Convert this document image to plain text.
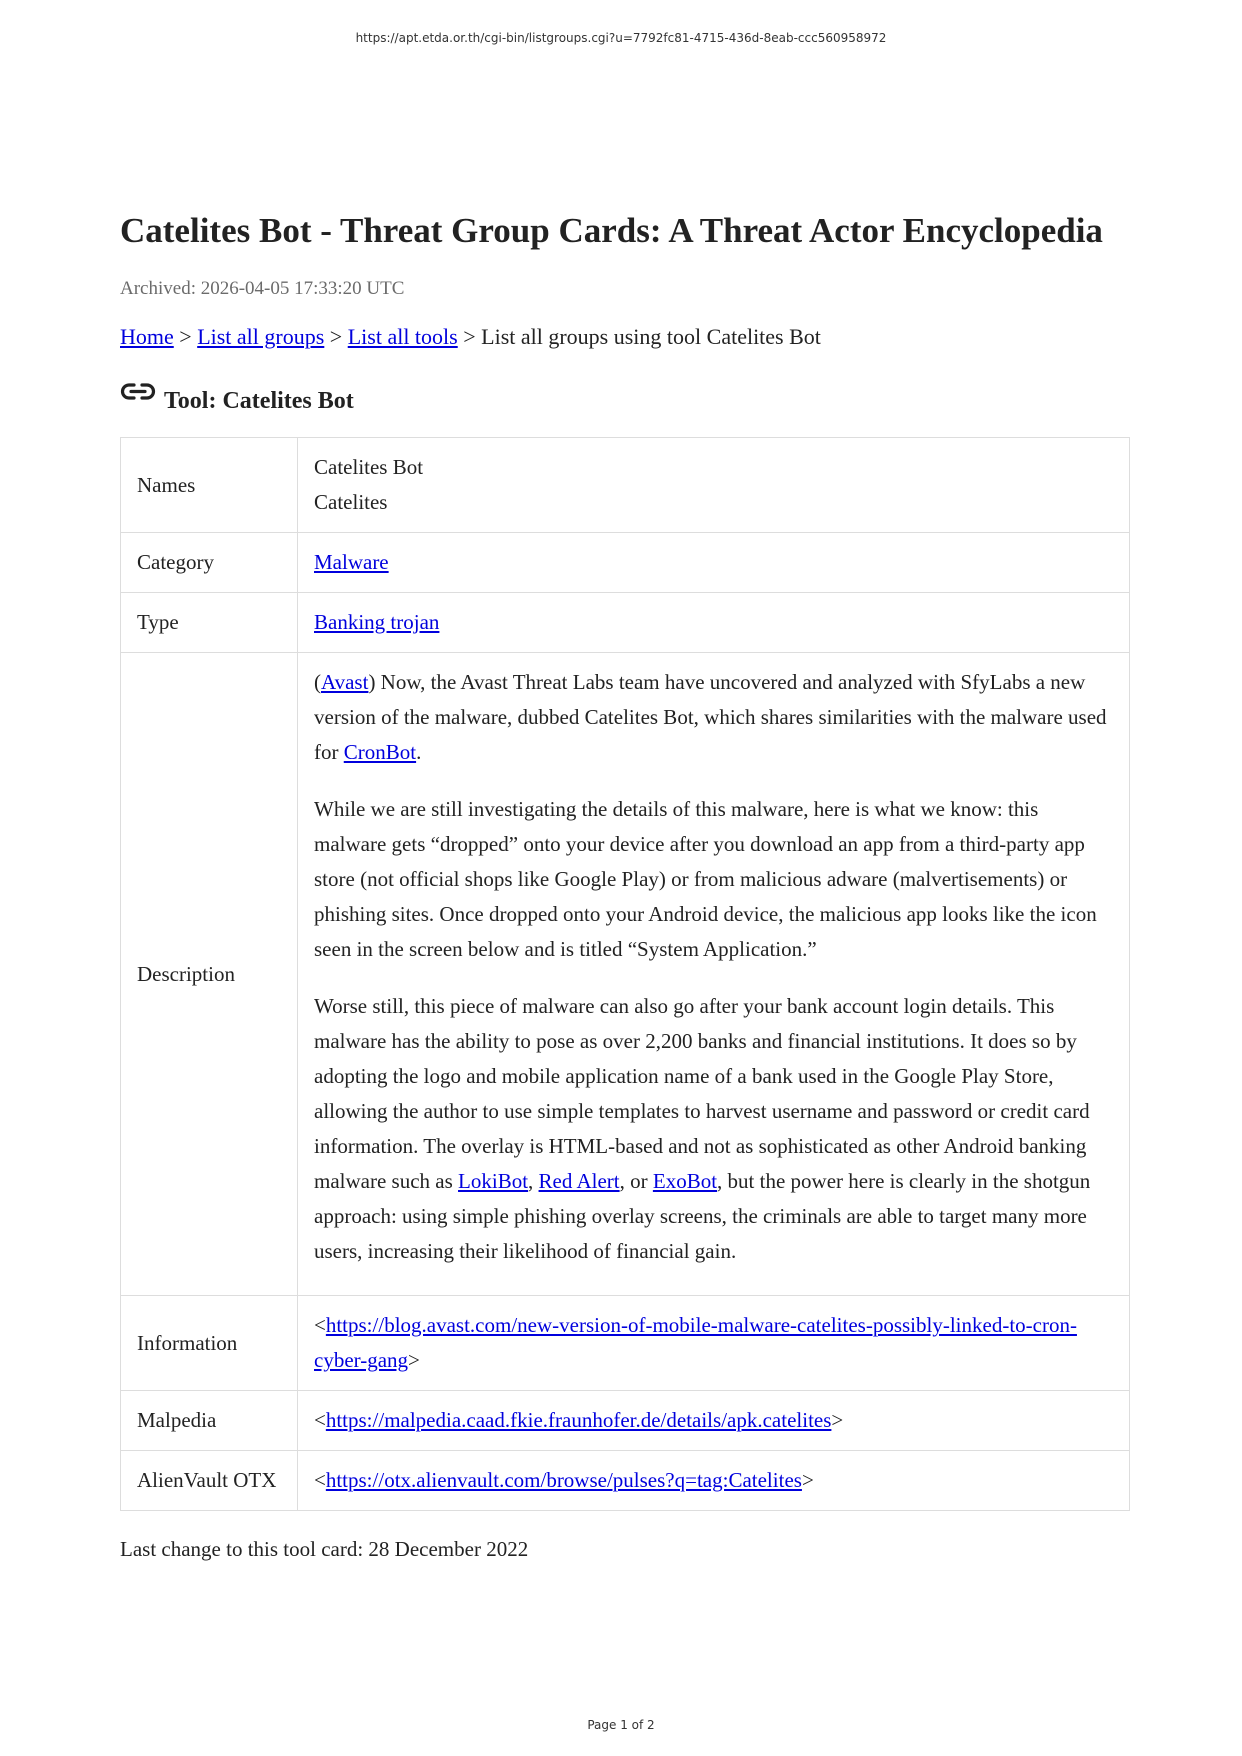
https://apt.etda.or.th/cgi-bin/listgroups.cgi?u=7792fc81-4715-436d-8eab-ccc560958972
Catelites Bot - Threat Group Cards: A Threat Actor Encyclopedia
Archived: 2026-04-05 17:33:20 UTC
Home > List all groups > List all tools > List all groups using tool Catelites Bot
Tool: Catelites Bot
Names	Catelites Bot
Catelites

Category	Malware
Type	Banking trojan
Description	(Avast) Now, the Avast Threat Labs team have uncovered and analyzed with SfyLabs a new version of the malware, dubbed Catelites Bot, which shares similarities with the malware used for CronBot.

While we are still investigating the details of this malware, here is what we know: this malware gets “dropped” onto your device after you download an app from a third-party app store (not official shops like Google Play) or from malicious adware (malvertisements) or phishing sites. Once dropped onto your Android device, the malicious app looks like the icon seen in the screen below and is titled “System Application.”

Worse still, this piece of malware can also go after your bank account login details. This malware has the ability to pose as over 2,200 banks and financial institutions. It does so by adopting the logo and mobile application name of a bank used in the Google Play Store, allowing the author to use simple templates to harvest username and password or credit card information. The overlay is HTML-based and not as sophisticated as other Android banking malware such as LokiBot, Red Alert, or ExoBot, but the power here is clearly in the shotgun approach: using simple phishing overlay screens, the criminals are able to target many more users, increasing their likelihood of financial gain.

Information	<https://blog.avast.com/new-version-of-mobile-malware-catelites-possibly-linked-to-cron-cyber-gang>
Malpedia	<https://malpedia.caad.fkie.fraunhofer.de/details/apk.catelites>
AlienVault OTX	<https://otx.alienvault.com/browse/pulses?q=tag:Catelites>
Last change to this tool card: 28 December 2022
Page 1 of 2
